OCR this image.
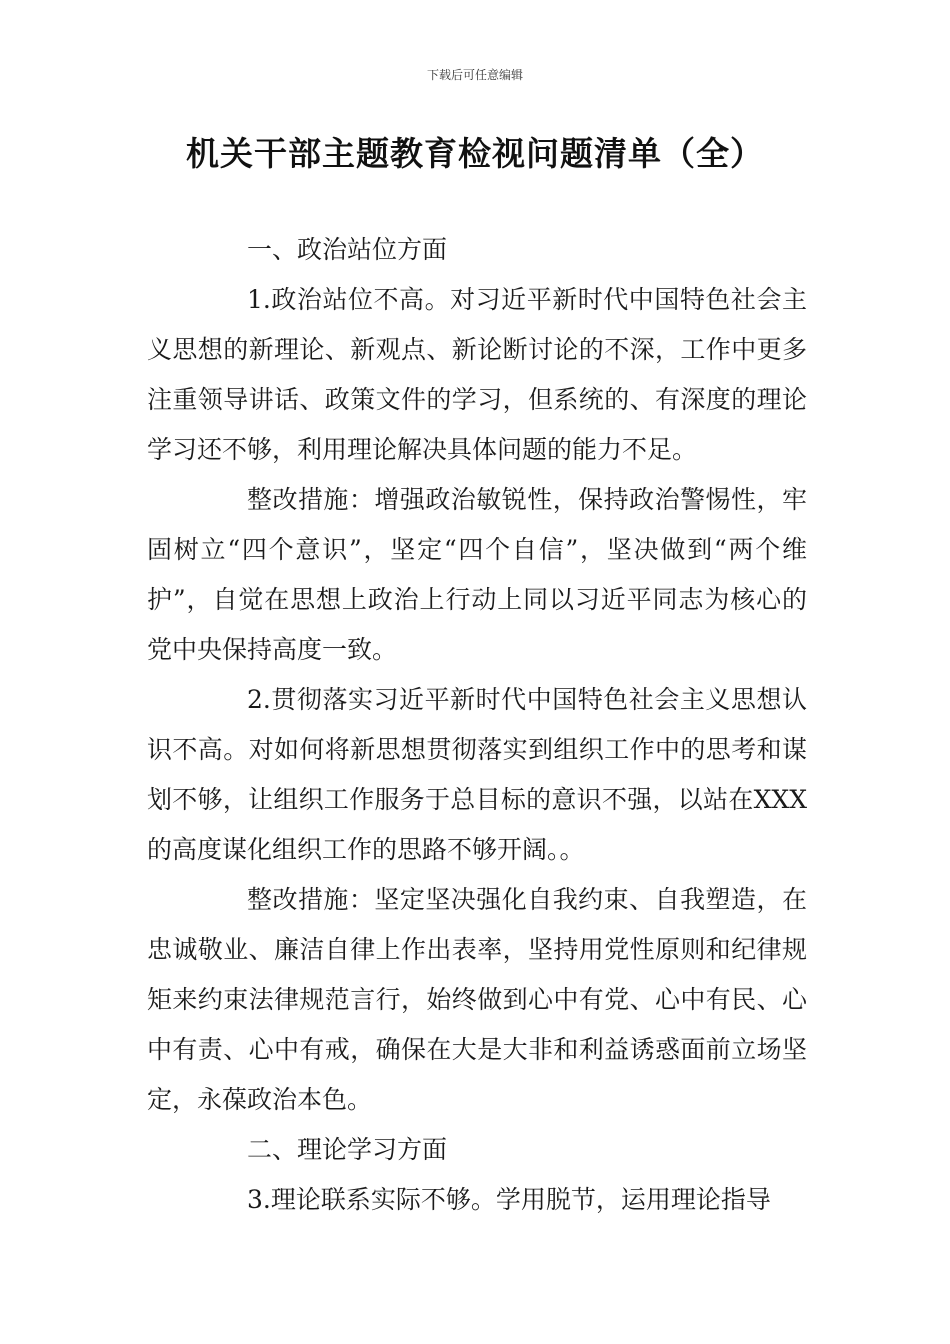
下载后可任意编辑
机关干部主题教育检视问题清单（全）

一、政治站位方面

1.政治站位不高。对习近平新时代中国特色社会主义思想的新理论、新观点、新论断讨论的不深，工作中更多注重领导讲话、政策文件的学习，但系统的、有深度的理论学习还不够，利用理论解决具体问题的能力不足。

整改措施：增强政治敏锐性，保持政治警惕性，牢固树立“四个意识”，坚定“四个自信”，坚决做到“两个维护”，自觉在思想上政治上行动上同以习近平同志为核心的党中央保持高度一致。

2.贯彻落实习近平新时代中国特色社会主义思想认识不高。对如何将新思想贯彻落实到组织工作中的思考和谋划不够，让组织工作服务于总目标的意识不强，以站在XXX的高度谋化组织工作的思路不够开阔。。

整改措施：坚定坚决强化自我约束、自我塑造，在忠诚敬业、廉洁自律上作出表率，坚持用党性原则和纪律规矩来约束法律规范言行，始终做到心中有党、心中有民、心中有责、心中有戒，确保在大是大非和利益诱惑面前立场坚定，永葆政治本色。

二、理论学习方面

3.理论联系实际不够。学用脱节，运用理论指导
